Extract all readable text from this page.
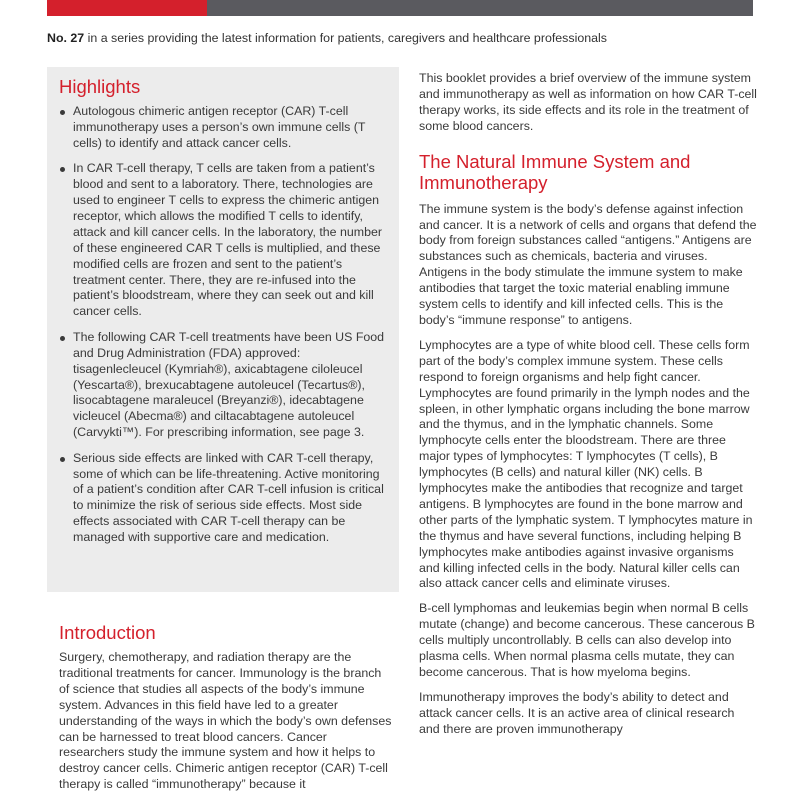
No. 27 in a series providing the latest information for patients, caregivers and healthcare professionals
Highlights
Autologous chimeric antigen receptor (CAR) T-cell immunotherapy uses a person’s own immune cells (T cells) to identify and attack cancer cells.
In CAR T-cell therapy, T cells are taken from a patient’s blood and sent to a laboratory. There, technologies are used to engineer T cells to express the chimeric antigen receptor, which allows the modified T cells to identify, attack and kill cancer cells. In the laboratory, the number of these engineered CAR T cells is multiplied, and these modified cells are frozen and sent to the patient’s treatment center. There, they are re-infused into the patient’s bloodstream, where they can seek out and kill cancer cells.
The following CAR T-cell treatments have been US Food and Drug Administration (FDA) approved: tisagenlecleucel (Kymriah®), axicabtagene ciloleucel (Yescarta®), brexucabtagene autoleucel (Tecartus®), lisocabtagene maraleucel (Breyanzi®), idecabtagene vicleucel (Abecma®) and ciltacabtagene autoleucel (Carvykti™). For prescribing information, see page 3.
Serious side effects are linked with CAR T-cell therapy, some of which can be life-threatening. Active monitoring of a patient’s condition after CAR T-cell infusion is critical to minimize the risk of serious side effects. Most side effects associated with CAR T-cell therapy can be managed with supportive care and medication.
Introduction

Surgery, chemotherapy, and radiation therapy are the traditional treatments for cancer. Immunology is the branch of science that studies all aspects of the body’s immune system. Advances in this field have led to a greater understanding of the ways in which the body’s own defenses can be harnessed to treat blood cancers. Cancer researchers study the immune system and how it helps to destroy cancer cells. Chimeric antigen receptor (CAR) T-cell therapy is called “immunotherapy” because it

This booklet provides a brief overview of the immune system and immunotherapy as well as information on how CAR T-cell therapy works, its side effects and its role in the treatment of some blood cancers.

The Natural Immune System and Immunotherapy

The immune system is the body’s defense against infection and cancer. It is a network of cells and organs that defend the body from foreign substances called “antigens.” Antigens are substances such as chemicals, bacteria and viruses. Antigens in the body stimulate the immune system to make antibodies that target the toxic material enabling immune system cells to identify and kill infected cells. This is the body’s “immune response” to antigens.

Lymphocytes are a type of white blood cell. These cells form part of the body’s complex immune system. These cells respond to foreign organisms and help fight cancer. Lymphocytes are found primarily in the lymph nodes and the spleen, in other lymphatic organs including the bone marrow and the thymus, and in the lymphatic channels. Some lymphocyte cells enter the bloodstream. There are three major types of lymphocytes: T lymphocytes (T cells), B lymphocytes (B cells) and natural killer (NK) cells. B lymphocytes make the antibodies that recognize and target antigens. B lymphocytes are found in the bone marrow and other parts of the lymphatic system. T lymphocytes mature in the thymus and have several functions, including helping B lymphocytes make antibodies against invasive organisms and killing infected cells in the body. Natural killer cells can also attack cancer cells and eliminate viruses.

B-cell lymphomas and leukemias begin when normal B cells mutate (change) and become cancerous. These cancerous B cells multiply uncontrollably. B cells can also develop into plasma cells. When normal plasma cells mutate, they can become cancerous. That is how myeloma begins.

Immunotherapy improves the body’s ability to detect and attack cancer cells. It is an active area of clinical research and there are proven immunotherapy
